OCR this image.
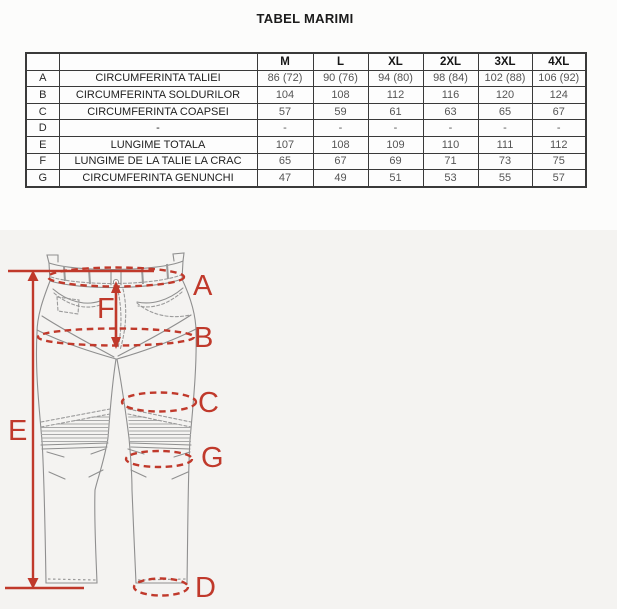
TABEL MARIMI
		M	L	XL	2XL	3XL	4XL
A	CIRCUMFERINTA TALIEI	86 (72)	90 (76)	94 (80)	98 (84)	102 (88)	106 (92)
B	CIRCUMFERINTA SOLDURILOR	104	108	112	116	120	124
C	CIRCUMFERINTA COAPSEI	57	59	61	63	65	67
D	-	-	-	-	-	-	-
E	LUNGIME TOTALA	107	108	109	110	111	112
F	LUNGIME DE LA TALIE LA CRAC	65	67	69	71	73	75
G	CIRCUMFERINTA GENUNCHI	47	49	51	53	55	57
A
B
C
G
D
E
F
